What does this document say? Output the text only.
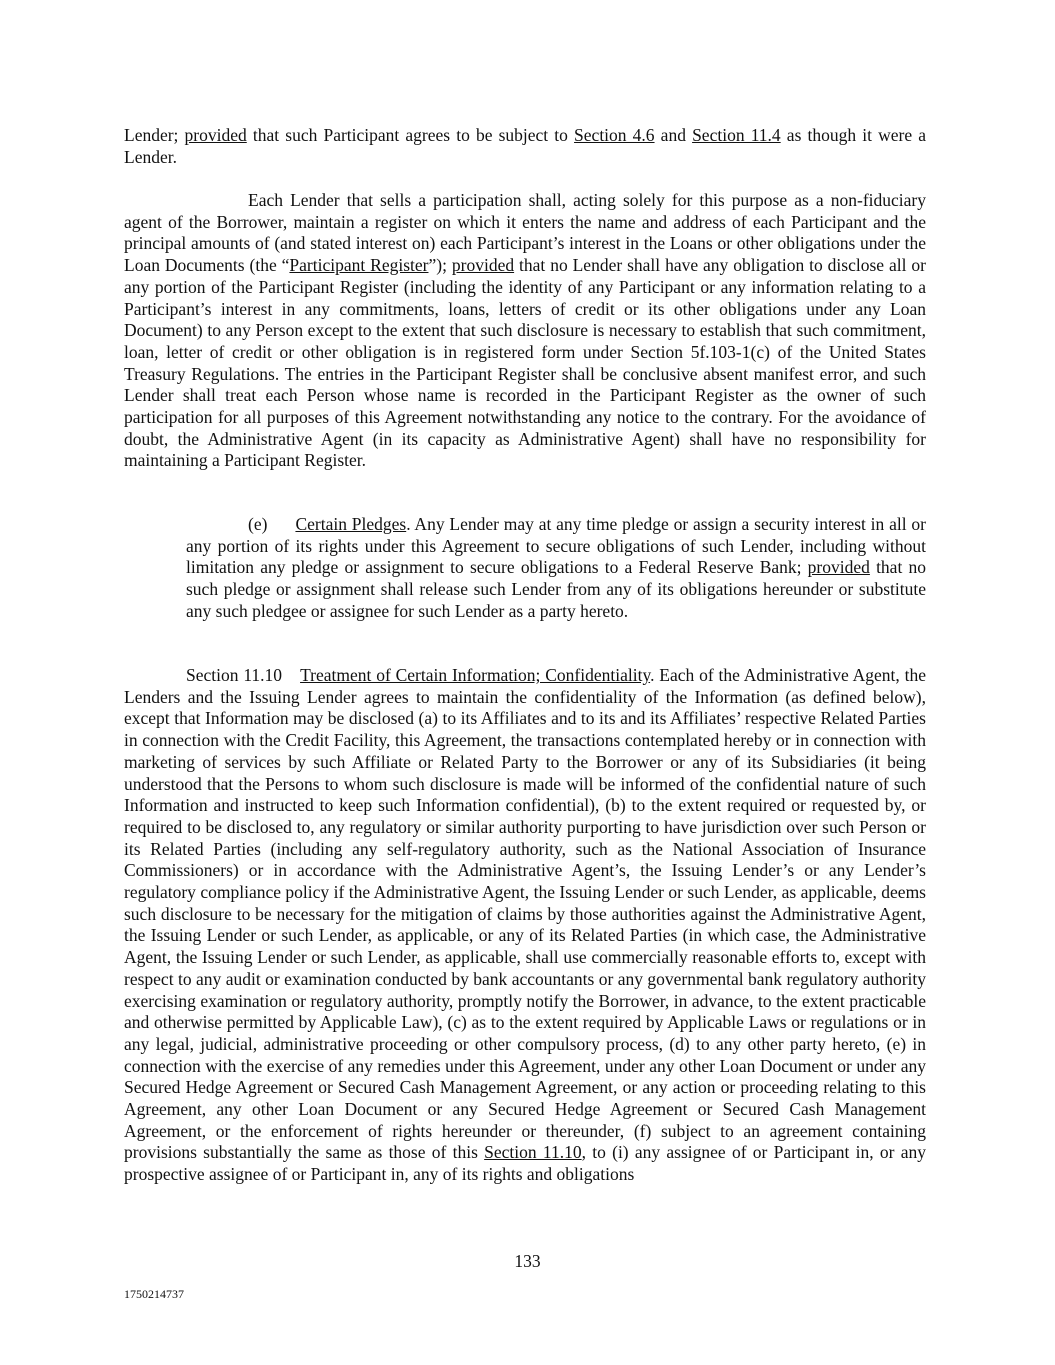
Lender; provided that such Participant agrees to be subject to Section 4.6 and Section 11.4 as though it were a Lender.

Each Lender that sells a participation shall, acting solely for this purpose as a non-fiduciary agent of the Borrower, maintain a register on which it enters the name and address of each Participant and the principal amounts of (and stated interest on) each Participant’s interest in the Loans or other obligations under the Loan Documents (the “Participant Register”); provided that no Lender shall have any obligation to disclose all or any portion of the Participant Register (including the identity of any Participant or any information relating to a Participant’s interest in any commitments, loans, letters of credit or its other obligations under any Loan Document) to any Person except to the extent that such disclosure is necessary to establish that such commitment, loan, letter of credit or other obligation is in registered form under Section 5f.103-1(c) of the United States Treasury Regulations. The entries in the Participant Register shall be conclusive absent manifest error, and such Lender shall treat each Person whose name is recorded in the Participant Register as the owner of such participation for all purposes of this Agreement notwithstanding any notice to the contrary. For the avoidance of doubt, the Administrative Agent (in its capacity as Administrative Agent) shall have no responsibility for maintaining a Participant Register.

(e) Certain Pledges. Any Lender may at any time pledge or assign a security interest in all or any portion of its rights under this Agreement to secure obligations of such Lender, including without limitation any pledge or assignment to secure obligations to a Federal Reserve Bank; provided that no such pledge or assignment shall release such Lender from any of its obligations hereunder or substitute any such pledgee or assignee for such Lender as a party hereto.

Section 11.10 Treatment of Certain Information; Confidentiality. Each of the Administrative Agent, the Lenders and the Issuing Lender agrees to maintain the confidentiality of the Information (as defined below), except that Information may be disclosed (a) to its Affiliates and to its and its Affiliates’ respective Related Parties in connection with the Credit Facility, this Agreement, the transactions contemplated hereby or in connection with marketing of services by such Affiliate or Related Party to the Borrower or any of its Subsidiaries (it being understood that the Persons to whom such disclosure is made will be informed of the confidential nature of such Information and instructed to keep such Information confidential), (b) to the extent required or requested by, or required to be disclosed to, any regulatory or similar authority purporting to have jurisdiction over such Person or its Related Parties (including any self-regulatory authority, such as the National Association of Insurance Commissioners) or in accordance with the Administrative Agent’s, the Issuing Lender’s or any Lender’s regulatory compliance policy if the Administrative Agent, the Issuing Lender or such Lender, as applicable, deems such disclosure to be necessary for the mitigation of claims by those authorities against the Administrative Agent, the Issuing Lender or such Lender, as applicable, or any of its Related Parties (in which case, the Administrative Agent, the Issuing Lender or such Lender, as applicable, shall use commercially reasonable efforts to, except with respect to any audit or examination conducted by bank accountants or any governmental bank regulatory authority exercising examination or regulatory authority, promptly notify the Borrower, in advance, to the extent practicable and otherwise permitted by Applicable Law), (c) as to the extent required by Applicable Laws or regulations or in any legal, judicial, administrative proceeding or other compulsory process, (d) to any other party hereto, (e) in connection with the exercise of any remedies under this Agreement, under any other Loan Document or under any Secured Hedge Agreement or Secured Cash Management Agreement, or any action or proceeding relating to this Agreement, any other Loan Document or any Secured Hedge Agreement or Secured Cash Management Agreement, or the enforcement of rights hereunder or thereunder, (f) subject to an agreement containing provisions substantially the same as those of this Section 11.10, to (i) any assignee of or Participant in, or any prospective assignee of or Participant in, any of its rights and obligations

133
1750214737
